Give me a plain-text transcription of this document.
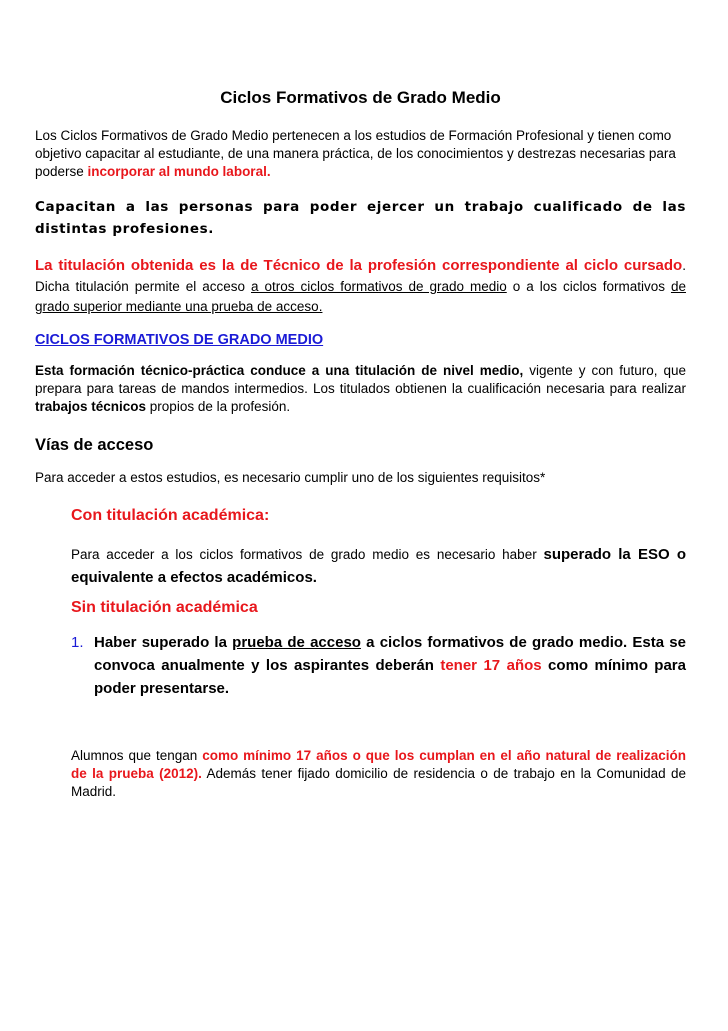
Ciclos Formativos de Grado Medio

Los Ciclos Formativos de Grado Medio pertenecen a los estudios de Formación Profesional y tienen como objetivo capacitar al estudiante, de una manera práctica, de los conocimientos y destrezas necesarias para poderse incorporar al mundo laboral.

Capacitan a las personas para poder ejercer un trabajo cualificado de las distintas profesiones.

La titulación obtenida es la de Técnico de la profesión correspondiente al ciclo cursado. Dicha titulación permite el acceso a otros ciclos formativos de grado medio o a los ciclos formativos de grado superior mediante una prueba de acceso.

CICLOS FORMATIVOS DE GRADO MEDIO

Esta formación técnico-práctica conduce a una titulación de nivel medio, vigente y con futuro, que prepara para tareas de mandos intermedios. Los titulados obtienen la cualificación necesaria para realizar trabajos técnicos propios de la profesión.

Vías de acceso

Para acceder a estos estudios, es necesario cumplir uno de los siguientes requisitos*

Con titulación académica:

Para acceder a los ciclos formativos de grado medio es necesario haber superado la ESO o equivalente a efectos académicos.

Sin titulación académica

1. Haber superado la prueba de acceso a ciclos formativos de grado medio. Esta se convoca anualmente y los aspirantes deberán tener 17 años como mínimo para poder presentarse.

Alumnos que tengan como mínimo 17 años o que los cumplan en el año natural de realización de la prueba (2012). Además tener fijado domicilio de residencia o de trabajo en la Comunidad de Madrid.
